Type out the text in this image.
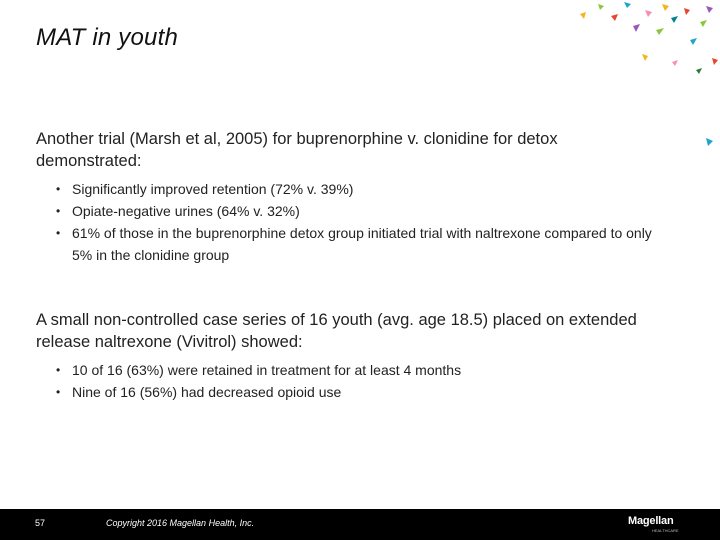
MAT in youth
Another trial (Marsh et al, 2005) for buprenorphine v. clonidine for detox demonstrated:
• Significantly improved retention (72% v. 39%)
• Opiate-negative urines (64% v. 32%)
• 61% of those in the buprenorphine detox group initiated trial with naltrexone compared to only 5% in the clonidine group
A small non-controlled case series of 16 youth (avg. age 18.5) placed on extended release naltrexone (Vivitrol) showed:
• 10 of 16 (63%) were retained in treatment for at least 4 months
• Nine of 16 (56%) had decreased opioid use
57	Copyright 2016 Magellan Health, Inc.	Magellan
HEALTHCARE
